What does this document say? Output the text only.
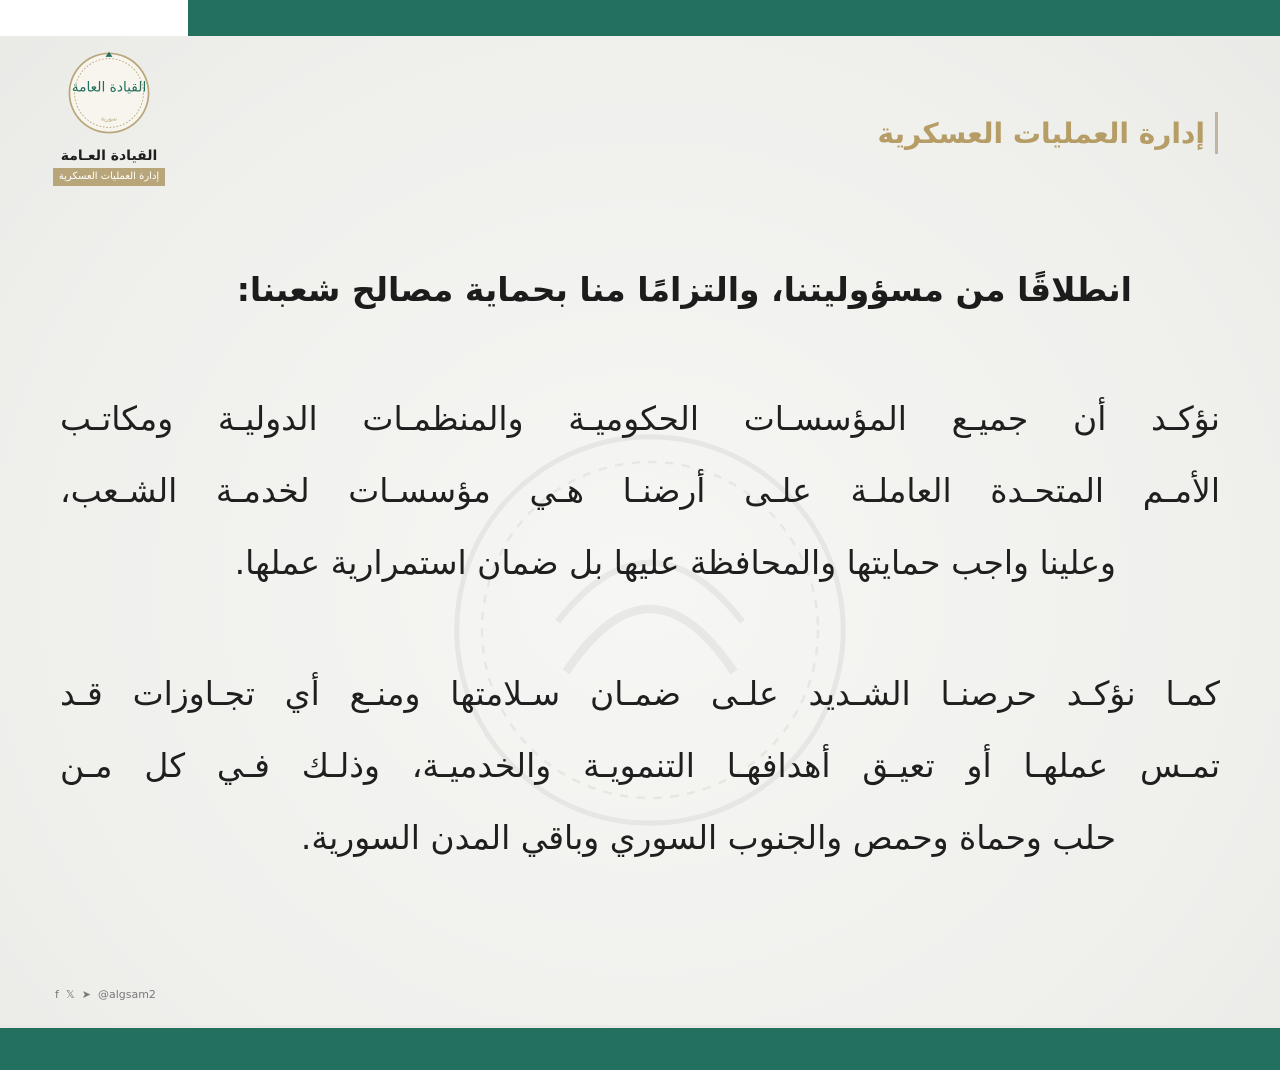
القيادة العامة
سورية
القيادة العـامة
إدارة العمليات العسكرية
إدارة العمليات العسكرية
انطلاقًا من مسؤوليتنا، والتزامًا منا بحماية مصالح شعبنا:
نؤكـد أن جميـع المؤسسـات الحكوميـة والمنظمـات الدوليـة ومكاتـب
الأمـم المتحـدة العاملـة علـى أرضنـا هـي مؤسسـات لخدمـة الشـعب،
وعلينا واجب حمايتها والمحافظة عليها بل ضمان استمرارية عملها.
كمـا نؤكـد حرصنـا الشـديد علـى ضمـان سـلامتها ومنـع أي تجـاوزات قـد
تمـس عملهـا أو تعيـق أهدافهـا التنمويـة والخدميـة، وذلـك فـي كل مـن
حلب وحماة وحمص والجنوب السوري وباقي المدن السورية.
f 𝕏 ➤ @algsam2
